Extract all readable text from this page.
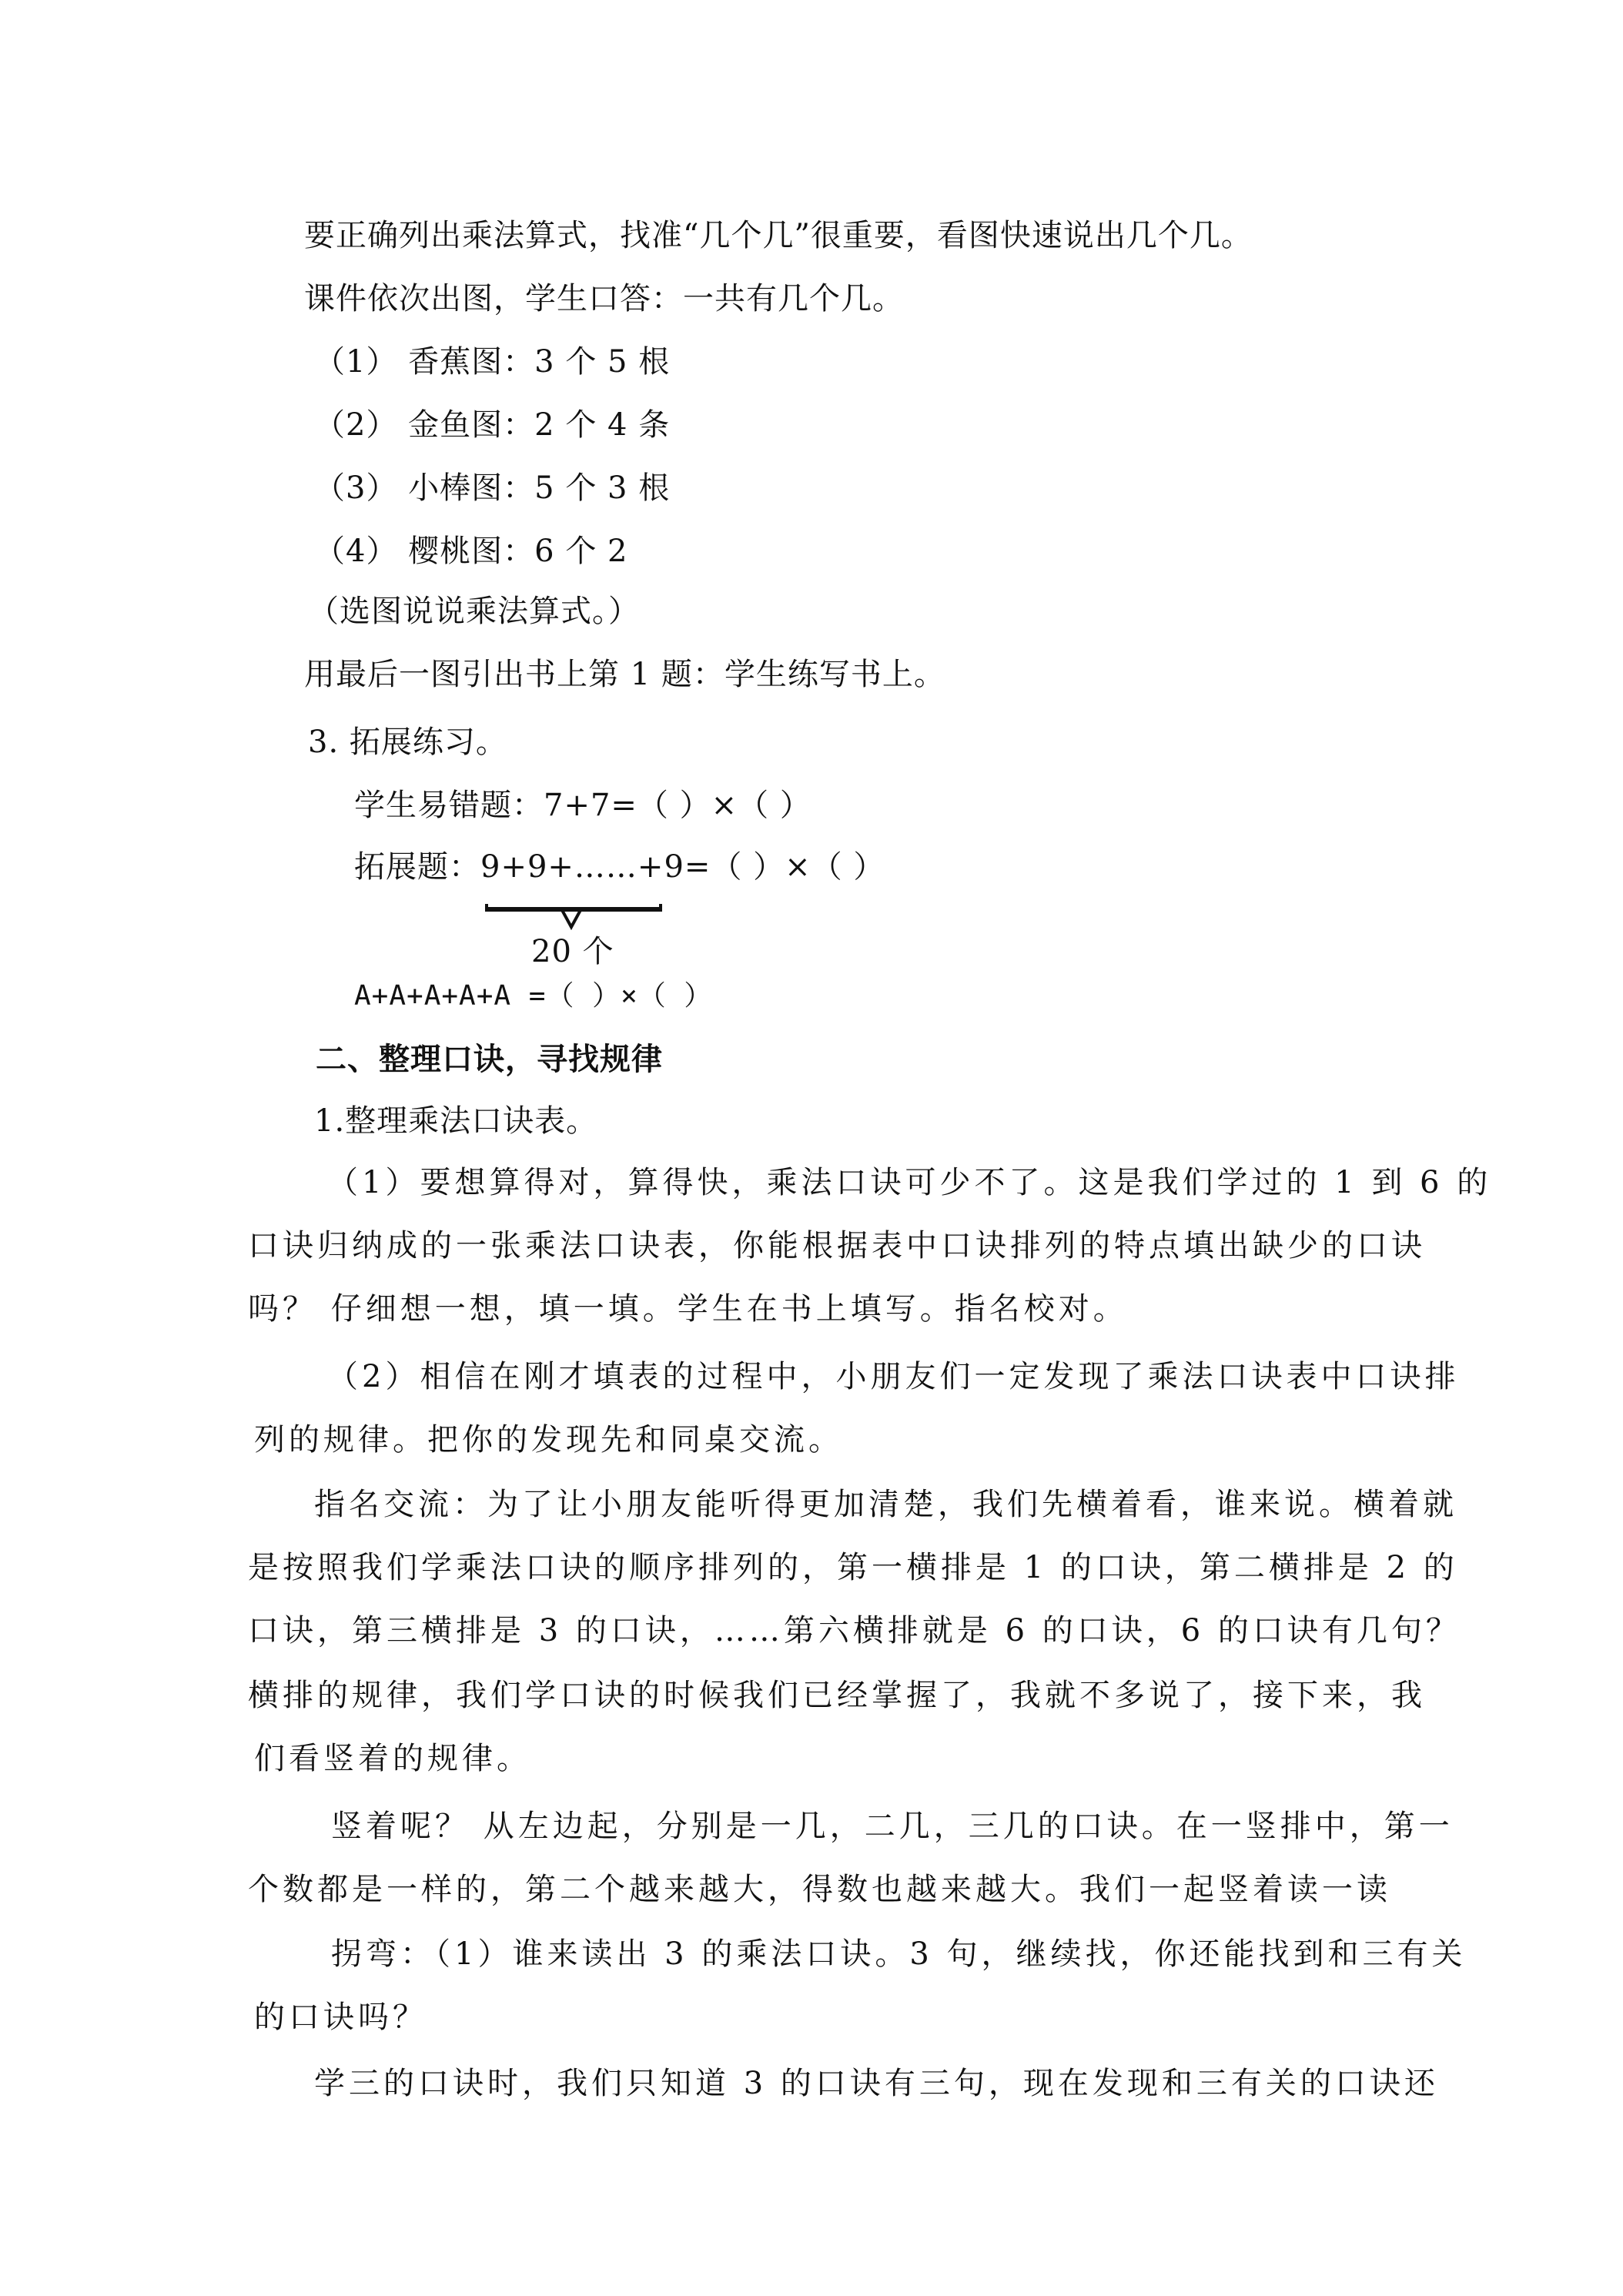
要正确列出乘法算式，找准“几个几”很重要，看图快速说出几个几。
课件依次出图，学生口答：一共有几个几。
（1） 香蕉图：3 个 5 根
（2） 金鱼图：2 个 4 条
（3） 小棒图：5 个 3 根
（4） 樱桃图：6 个 2
（选图说说乘法算式。）
用最后一图引出书上第 1 题：学生练写书上。
3. 拓展练习。
学生易错题：7+7=（ ）×（ ）
拓展题：9+9+……+9=（ ）×（ ）
20 个
A+A+A+A+A =（ ）×（ ）
二、整理口诀，寻找规律
1.整理乘法口诀表。
（1）要想算得对，算得快，乘法口诀可少不了。这是我们学过的 1 到 6 的
口诀归纳成的一张乘法口诀表，你能根据表中口诀排列的特点填出缺少的口诀
吗？ 仔细想一想，填一填。学生在书上填写。指名校对。
（2）相信在刚才填表的过程中，小朋友们一定发现了乘法口诀表中口诀排
列的规律。把你的发现先和同桌交流。
指名交流：为了让小朋友能听得更加清楚，我们先横着看，谁来说。横着就
是按照我们学乘法口诀的顺序排列的，第一横排是 1 的口诀，第二横排是 2 的
口诀，第三横排是 3 的口诀，……第六横排就是 6 的口诀，6 的口诀有几句？
横排的规律，我们学口诀的时候我们已经掌握了，我就不多说了，接下来，我
们看竖着的规律。
竖着呢？ 从左边起，分别是一几，二几，三几的口诀。在一竖排中，第一
个数都是一样的，第二个越来越大，得数也越来越大。我们一起竖着读一读
拐弯：（1）谁来读出 3 的乘法口诀。3 句，继续找，你还能找到和三有关
的口诀吗？
学三的口诀时，我们只知道 3 的口诀有三句，现在发现和三有关的口诀还
